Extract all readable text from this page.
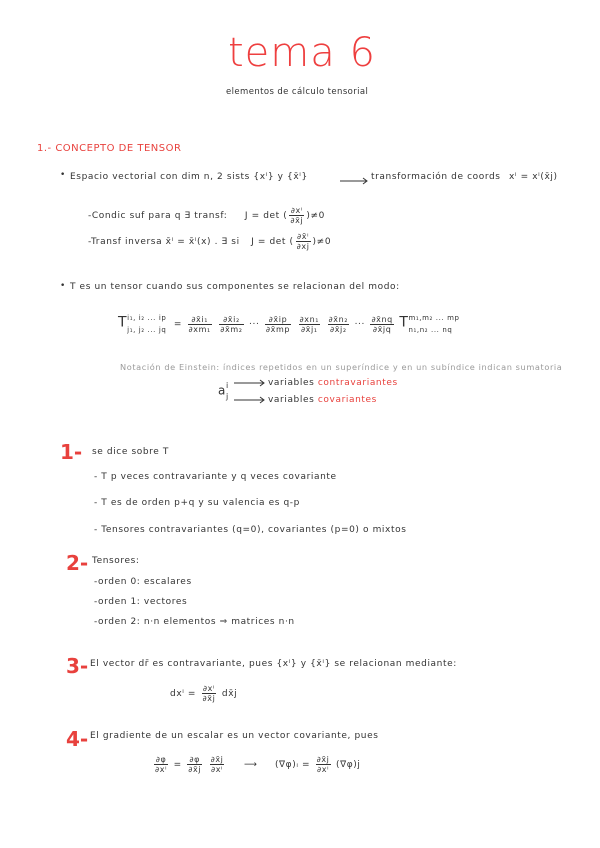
tema 6
elementos de cálculo tensorial
1.- CONCEPTO DE TENSOR
• Espacio vectorial con dim n, 2 sists {xⁱ} y {x̄ⁱ}	transformación de coords xⁱ = xⁱ(x̄j)
-Condic suf para q ∃ transf: J = det ( $\frac{\text{∂xⁱ}}{\partial x̄j} )\ne 0$
-Transf inversa x̄ⁱ = x̄ⁱ(x) . ∃ si J = det ( $\frac{\text{∂x̄ⁱ}}{\partial xj} )\ne 0$
• T es un tensor cuando sus componentes se relacionan del modo:
T i₁, i₂ ... ip
j₁, j₂ ... jq
= $\frac{\text{∂x̄i₁}}{\text{∂xm₁}}$
$\frac{\text{∂x̄i₂}}{\text{∂x̄m₂}}$ ··· $\frac{\partial x̄ip}{\partial x̄mp}$
$\frac{\text{∂xn₁}}{\text{∂x̄j₁}}$
$\frac{\text{∂x̄n₂}}{\text{∂x̄j₂}}$ ··· $\frac{\partial x̄nq}{\partial x̄jq}$ T m₁,m₂ ... mp
n₁,n₂ ... nq
Notación de Einstein: índices repetidos en un superíndice y en un subíndice indican sumatoria
a i
j
variables contravariantes
variables covariantes
1- se dice sobre T
- T p veces contravariante y q veces covariante
- T es de orden p+q y su valencia es q-p
- Tensores contravariantes (q=0), covariantes (p=0) o mixtos
2- Tensores:
-orden 0: escalares
-orden 1: vectores
-orden 2: n·n elementos ⇒ matrices n·n
3- El vector dr̄ es contravariante, pues {xⁱ} y {x̄ⁱ} se relacionan mediante:
$dx^i = \frac{\text{∂xⁱ}}{\partial x̄j}$ dx̄j
4- El gradiente de un escalar es un vector covariante, pues
$\frac{\partial\varphi}{\text{∂xⁱ}} = \frac{\partial\varphi}{\partial x̄j}$
$\frac{\partial x̄j}{\text{∂xⁱ}}$ ⟶ (∇φ)ᵢ = $\frac{\partial x̄j}{\text{∂xⁱ}}$ (∇̄φ)j
